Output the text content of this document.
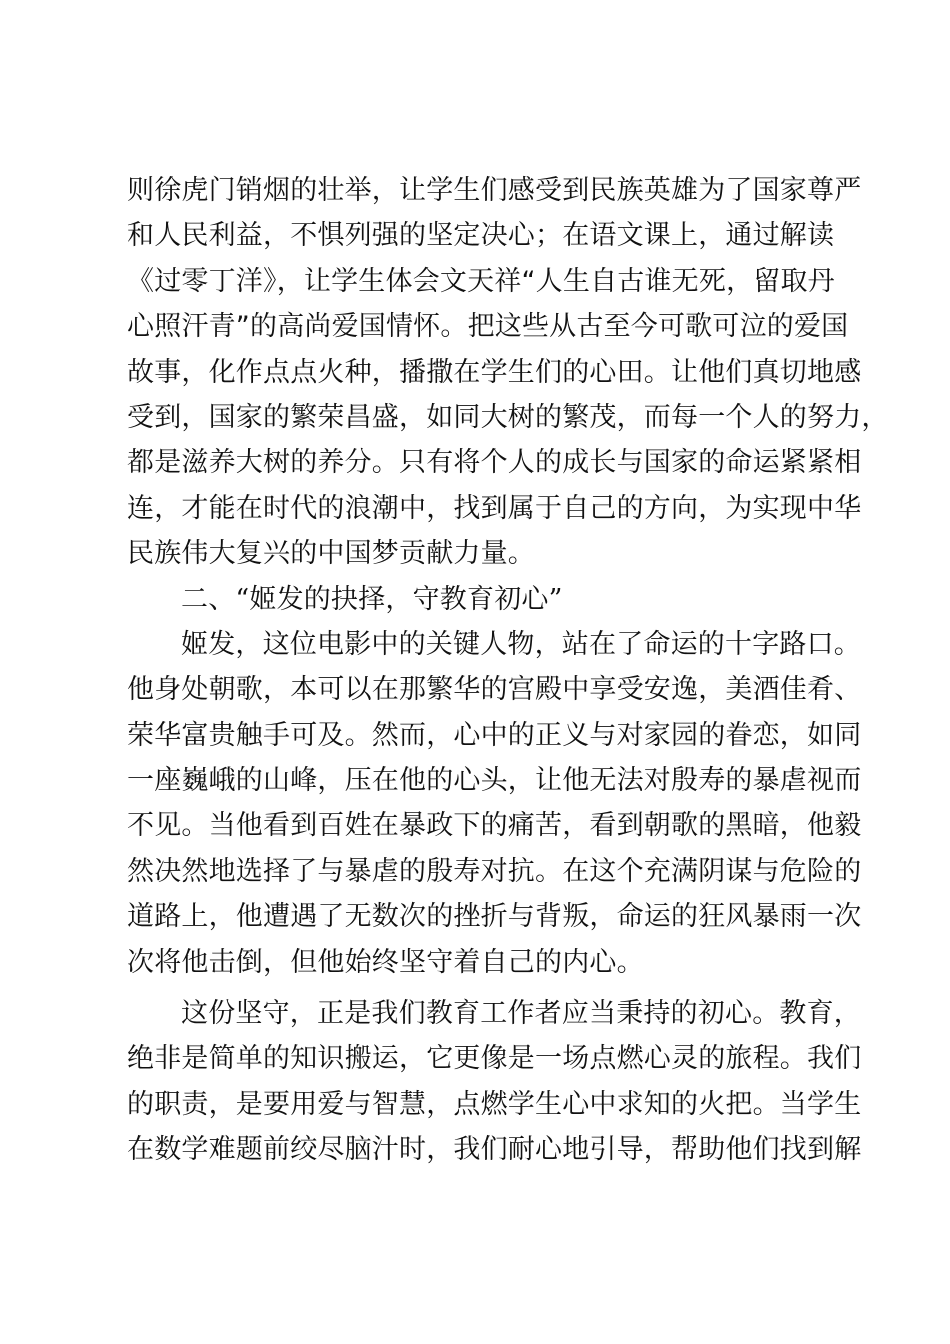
则徐虎门销烟的壮举，让学生们感受到民族英雄为了国家尊严
和人民利益，不惧列强的坚定决心；在语文课上，通过解读
《过零丁洋》，让学生体会文天祥“人生自古谁无死，留取丹
心照汗青”的高尚爱国情怀。把这些从古至今可歌可泣的爱国
故事，化作点点火种，播撒在学生们的心田。让他们真切地感
受到，国家的繁荣昌盛，如同大树的繁茂，而每一个人的努力，
都是滋养大树的养分。只有将个人的成长与国家的命运紧紧相
连，才能在时代的浪潮中，找到属于自己的方向，为实现中华
民族伟大复兴的中国梦贡献力量。
二、“姬发的抉择，守教育初心”
姬发，这位电影中的关键人物，站在了命运的十字路口。
他身处朝歌，本可以在那繁华的宫殿中享受安逸，美酒佳肴、
荣华富贵触手可及。然而，心中的正义与对家园的眷恋，如同
一座巍峨的山峰，压在他的心头，让他无法对殷寿的暴虐视而
不见。当他看到百姓在暴政下的痛苦，看到朝歌的黑暗，他毅
然决然地选择了与暴虐的殷寿对抗。在这个充满阴谋与危险的
道路上，他遭遇了无数次的挫折与背叛，命运的狂风暴雨一次
次将他击倒，但他始终坚守着自己的内心。
这份坚守，正是我们教育工作者应当秉持的初心。教育，
绝非是简单的知识搬运，它更像是一场点燃心灵的旅程。我们
的职责，是要用爱与智慧，点燃学生心中求知的火把。当学生
在数学难题前绞尽脑汁时，我们耐心地引导，帮助他们找到解
